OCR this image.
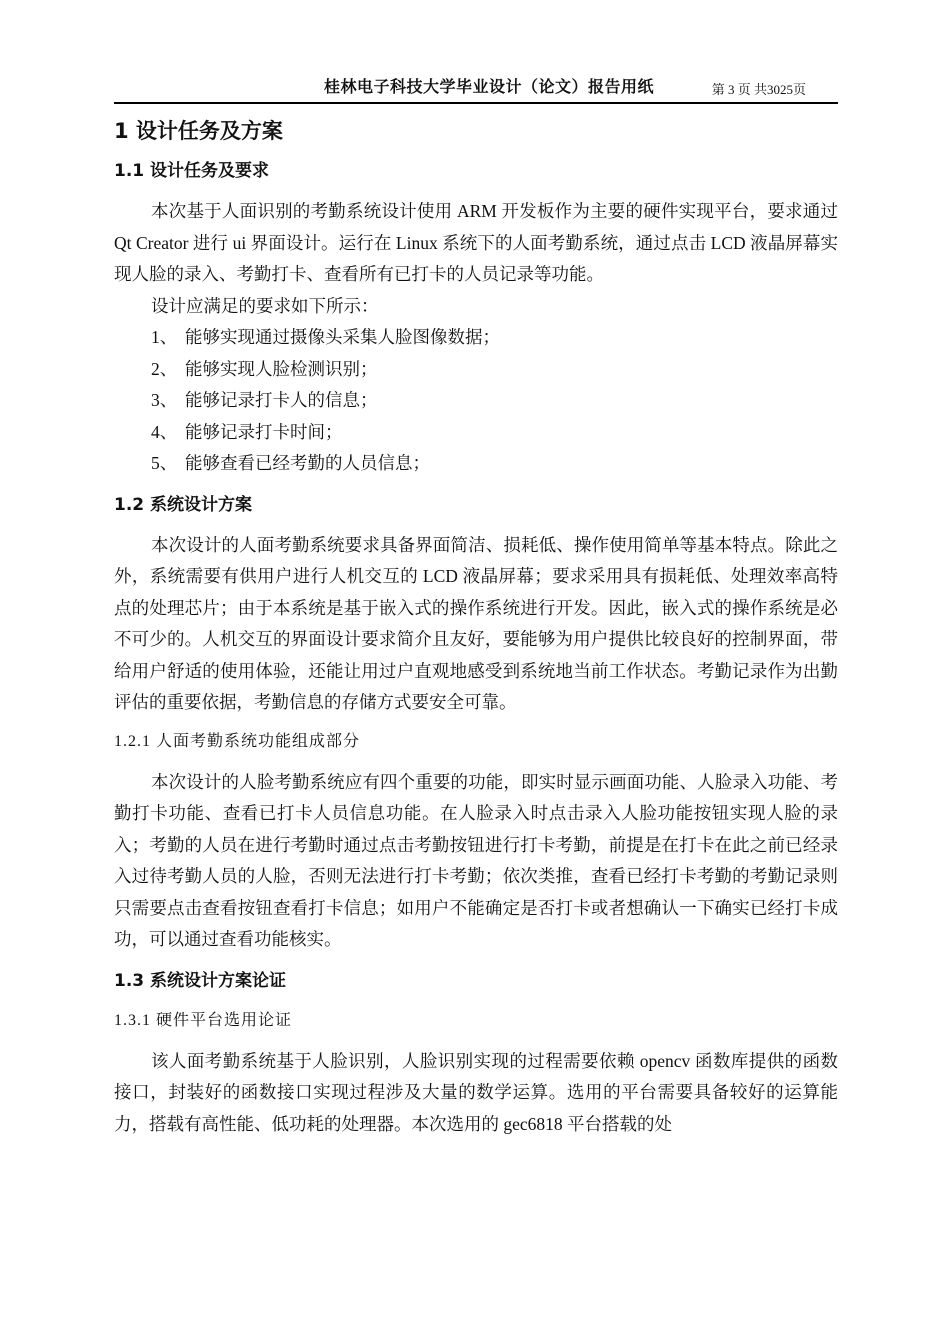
桂林电子科技大学毕业设计（论文）报告用纸	第 3 页 共3025页
1 设计任务及方案
1.1 设计任务及要求

本次基于人面识别的考勤系统设计使用 ARM 开发板作为主要的硬件实现平台，要求通过 Qt Creator 进行 ui 界面设计。运行在 Linux 系统下的人面考勤系统，通过点击 LCD 液晶屏幕实现人脸的录入、考勤打卡、查看所有已打卡的人员记录等功能。

设计应满足的要求如下所示：

1、 能够实现通过摄像头采集人脸图像数据；

2、 能够实现人脸检测识别；

3、 能够记录打卡人的信息；

4、 能够记录打卡时间；

5、 能够查看已经考勤的人员信息；

1.2 系统设计方案

本次设计的人面考勤系统要求具备界面简洁、损耗低、操作使用简单等基本特点。除此之外，系统需要有供用户进行人机交互的 LCD 液晶屏幕；要求采用具有损耗低、处理效率高特点的处理芯片；由于本系统是基于嵌入式的操作系统进行开发。因此，嵌入式的操作系统是必不可少的。人机交互的界面设计要求简介且友好，要能够为用户提供比较良好的控制界面，带给用户舒适的使用体验，还能让用过户直观地感受到系统地当前工作状态。考勤记录作为出勤评估的重要依据，考勤信息的存储方式要安全可靠。

1.2.1 人面考勤系统功能组成部分

本次设计的人脸考勤系统应有四个重要的功能，即实时显示画面功能、人脸录入功能、考勤打卡功能、查看已打卡人员信息功能。在人脸录入时点击录入人脸功能按钮实现人脸的录入；考勤的人员在进行考勤时通过点击考勤按钮进行打卡考勤，前提是在打卡在此之前已经录入过待考勤人员的人脸，否则无法进行打卡考勤；依次类推，查看已经打卡考勤的考勤记录则只需要点击查看按钮查看打卡信息；如用户不能确定是否打卡或者想确认一下确实已经打卡成功，可以通过查看功能核实。

1.3 系统设计方案论证
1.3.1 硬件平台选用论证

该人面考勤系统基于人脸识别，人脸识别实现的过程需要依赖 opencv 函数库提供的函数接口，封装好的函数接口实现过程涉及大量的数学运算。选用的平台需要具备较好的运算能力，搭载有高性能、低功耗的处理器。本次选用的 gec6818 平台搭载的处
